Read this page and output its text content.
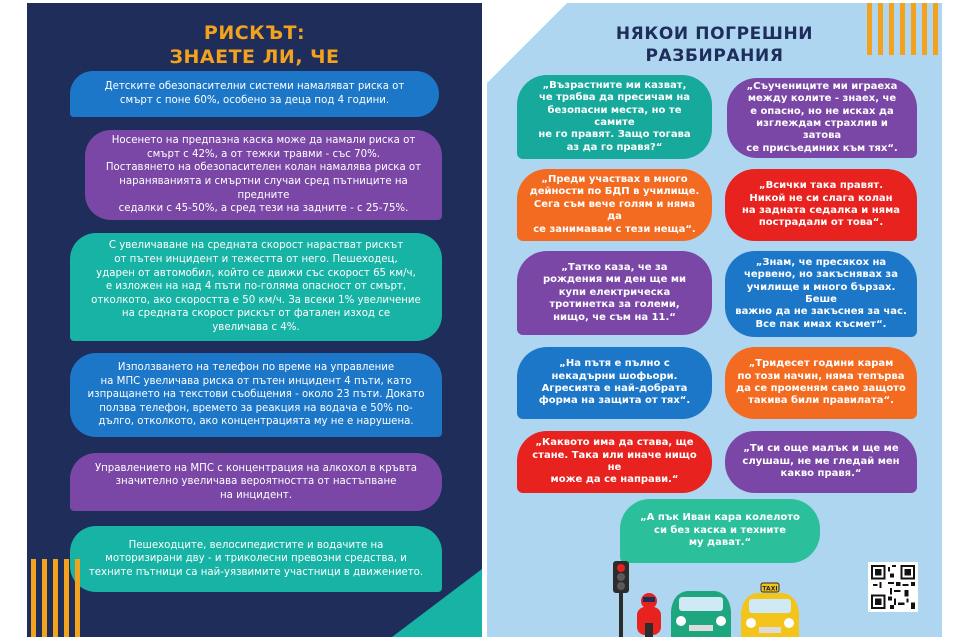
РИСКЪТ:
ЗНАЕТЕ ЛИ, ЧЕ
Детските обезопасителни системи намаляват риска от
смърт с поне 60%, особено за деца под 4 години.
Носенето на предпазна каска може да намали риска от
смърт с 42%, а от тежки травми - със 70%.
Поставянето на обезопасителен колан намалява риска от
нараняванията и смъртни случаи сред пътниците на предните
седалки с 45-50%, а сред тези на задните - с 25-75%.
С увеличаване на средната скорост нарастват рискът
от пътен инцидент и тежестта от него. Пешеходец,
ударен от автомобил, който се движи със скорост 65 км/ч,
е изложен на над 4 пъти по-голяма опасност от смърт,
отколкото, ако скоростта е 50 км/ч. За всеки 1% увеличение
на средната скорост рискът от фатален изход се
увеличава с 4%.
Използването на телефон по време на управление
на МПС увеличава риска от пътен инцидент 4 пъти, като
изпращането на текстови съобщения - около 23 пъти. Докато
ползва телефон, времето за реакция на водача е 50% по-
дълго, отколкото, ако концентрацията му не е нарушена.
Управлението на МПС с концентрация на алкохол в кръвта
значително увеличава вероятността от настъпване
на инцидент.
Пешеходците, велосипедистите и водачите на
моторизирани дву - и триколесни превозни средства, и
техните пътници са най-уязвимите участници в движението.
НЯКОИ ПОГРЕШНИ
РАЗБИРАНИЯ
„Възрастните ми казват,
че трябва да пресичам на
безопасни места, но те самите
не го правят. Защо тогава
аз да го правя?“
„Съучениците ми играеха
между колите - знаех, че
е опасно, но не исках да
изглеждам страхлив и затова
се присъединих към тях“.
„Преди участвах в много
дейности по БДП в училище.
Сега съм вече голям и няма да
се занимавам с тези неща“.
„Всички така правят.
Никой не си слага колан
на задната седалка и няма
пострадали от това“.
„Татко каза, че за
рождения ми ден ще ми
купи електрическа
тротинетка за големи,
нищо, че съм на 11.“
„Знам, че пресякох на
червено, но закъснявах за
училище и много бързах. Беше
важно да не закъснея за час.
Все пак имах късмет“.
„На пътя е пълно с
некадърни шофьори.
Агресията е най-добрата
форма на защита от тях“.
„Тридесет години карам
по този начин, няма тепърва
да се променям само защото
такива били правилата“.
„Каквото има да става, ще
стане. Така или иначе нищо не
може да се направи.“
„Ти си още малък и ще ме
слушаш, не ме гледай мен
какво правя.“
„А пък Иван кара колелото
си без каска и техните
му дават.“
TAXI
